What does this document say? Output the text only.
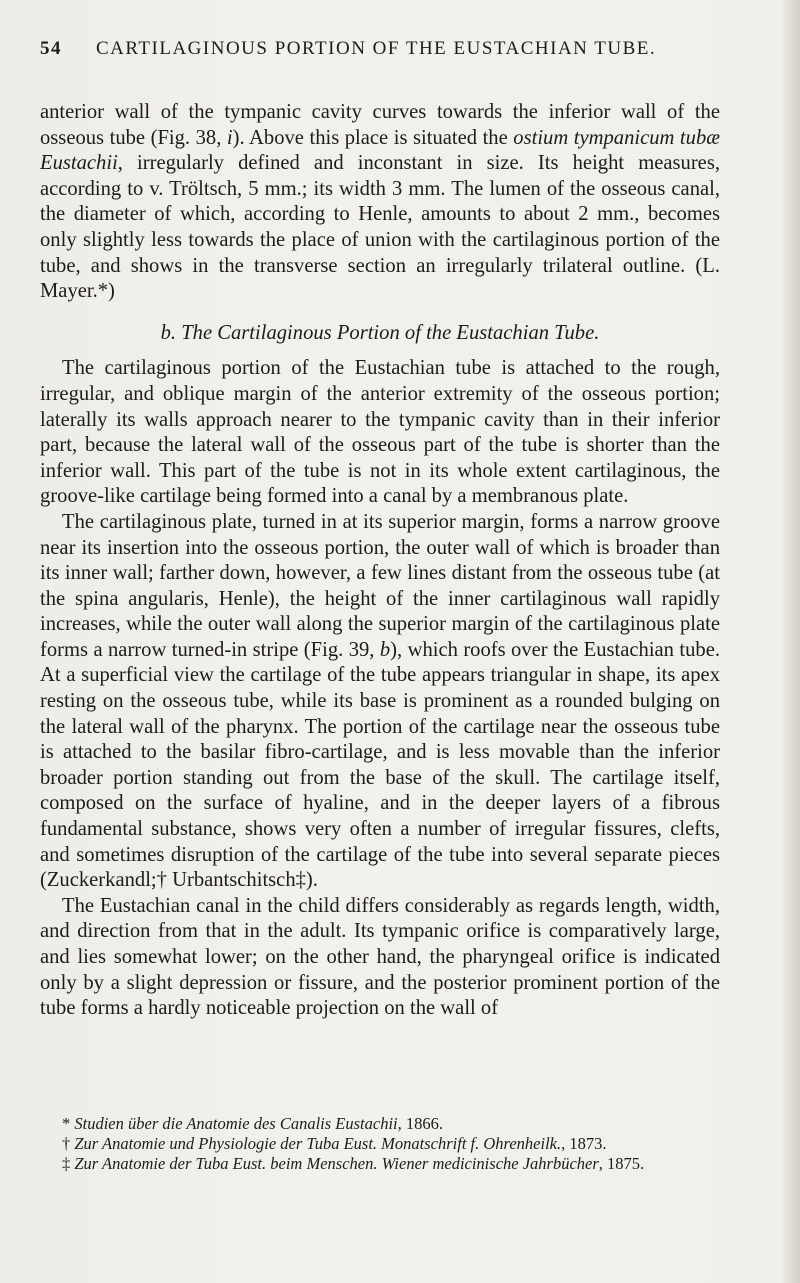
54 CARTILAGINOUS PORTION OF THE EUSTACHIAN TUBE.

anterior wall of the tympanic cavity curves towards the inferior wall of the osseous tube (Fig. 38, i). Above this place is situated the ostium tympanicum tubæ Eustachii, irregularly defined and inconstant in size. Its height measures, according to v. Tröltsch, 5 mm.; its width 3 mm. The lumen of the osseous canal, the diameter of which, according to Henle, amounts to about 2 mm., becomes only slightly less towards the place of union with the cartilaginous portion of the tube, and shows in the transverse section an irregularly trilateral outline. (L. Mayer.*)

b. The Cartilaginous Portion of the Eustachian Tube.

The cartilaginous portion of the Eustachian tube is attached to the rough, irregular, and oblique margin of the anterior extremity of the osseous portion; laterally its walls approach nearer to the tympanic cavity than in their inferior part, because the lateral wall of the osseous part of the tube is shorter than the inferior wall. This part of the tube is not in its whole extent cartilaginous, the groove-like cartilage being formed into a canal by a membranous plate.

The cartilaginous plate, turned in at its superior margin, forms a narrow groove near its insertion into the osseous portion, the outer wall of which is broader than its inner wall; farther down, however, a few lines distant from the osseous tube (at the spina angularis, Henle), the height of the inner cartilaginous wall rapidly increases, while the outer wall along the superior margin of the cartilaginous plate forms a narrow turned-in stripe (Fig. 39, b), which roofs over the Eustachian tube. At a superficial view the cartilage of the tube appears triangular in shape, its apex resting on the osseous tube, while its base is prominent as a rounded bulging on the lateral wall of the pharynx. The portion of the cartilage near the osseous tube is attached to the basilar fibro-cartilage, and is less movable than the inferior broader portion standing out from the base of the skull. The cartilage itself, composed on the surface of hyaline, and in the deeper layers of a fibrous fundamental substance, shows very often a number of irregular fissures, clefts, and sometimes disruption of the cartilage of the tube into several separate pieces (Zuckerkandl;† Urbantschitsch‡).

The Eustachian canal in the child differs considerably as regards length, width, and direction from that in the adult. Its tympanic orifice is comparatively large, and lies somewhat lower; on the other hand, the pharyngeal orifice is indicated only by a slight depression or fissure, and the posterior prominent portion of the tube forms a hardly noticeable projection on the wall of

* Studien über die Anatomie des Canalis Eustachii, 1866.

† Zur Anatomie und Physiologie der Tuba Eust. Monatschrift f. Ohrenheilk., 1873.

‡ Zur Anatomie der Tuba Eust. beim Menschen. Wiener medicinische Jahrbücher, 1875.
